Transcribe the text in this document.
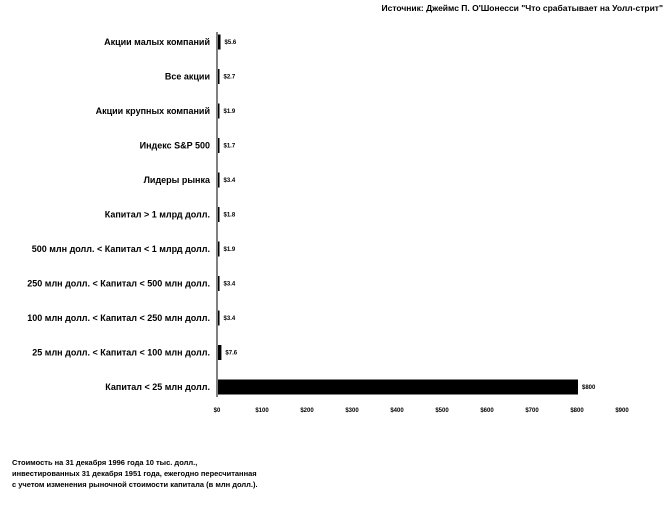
Источник: Джеймс П. О'Шонесси "Что срабатывает на Уолл-стрит"
Акции малых компаний
Все акции
Акции крупных компаний
Индекс S&P 500
Лидеры рынка
Капитал > 1 млрд долл.
500 млн долл. < Капитал < 1 млрд долл.
250 млн долл. < Капитал < 500 млн долл.
100 млн долл. < Капитал < 250 млн долл.
25 млн долл. < Капитал < 100 млн долл.
Капитал < 25 млн долл.
$5.6
$2.7
$1.9
$1.7
$3.4
$1.8
$1.9
$3.4
$3.4
$7.6
$800
$0	$100	$200	$300	$400	$500	$600	$700	$800	$900
Стоимость на 31 декабря 1996 года 10 тыс. долл.,
инвестированных 31 декабря 1951 года, ежегодно пересчитанная
с учетом изменения рыночной стоимости капитала (в млн долл.).
